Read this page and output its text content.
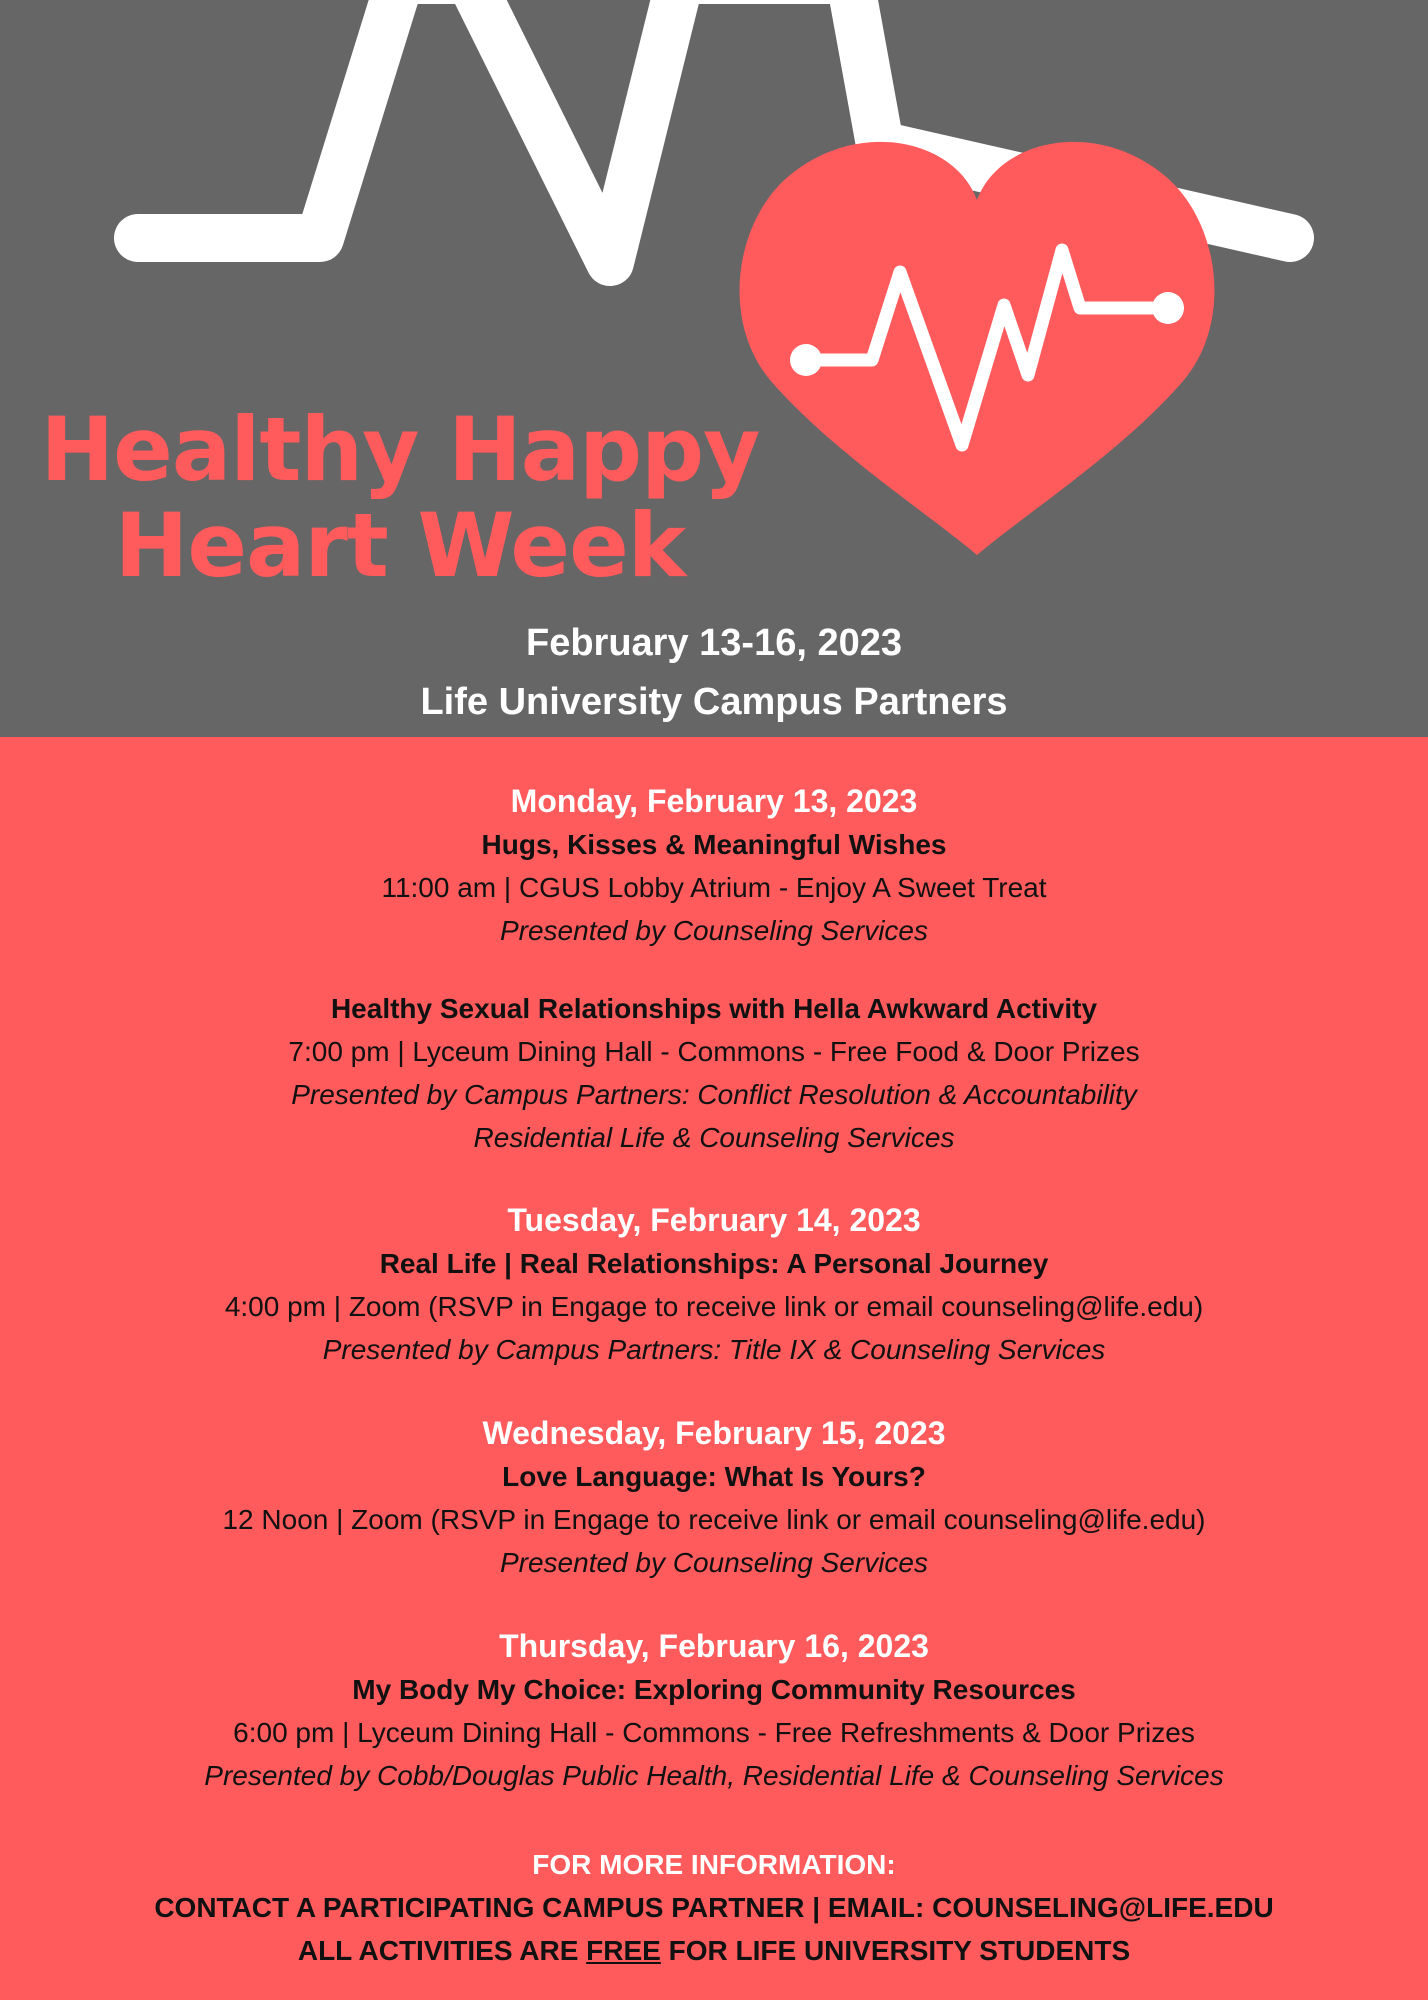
Healthy Happy
Heart Week
February 13-16, 2023
Life University Campus Partners
Monday, February 13, 2023
Hugs, Kisses & Meaningful Wishes
11:00 am | CGUS Lobby Atrium - Enjoy A Sweet Treat
Presented by Counseling Services
Healthy Sexual Relationships with Hella Awkward Activity
7:00 pm | Lyceum Dining Hall - Commons - Free Food & Door Prizes
Presented by Campus Partners: Conflict Resolution & Accountability
Residential Life & Counseling Services
Tuesday, February 14, 2023
Real Life | Real Relationships: A Personal Journey
4:00 pm | Zoom (RSVP in Engage to receive link or email counseling@life.edu)
Presented by Campus Partners: Title IX & Counseling Services
Wednesday, February 15, 2023
Love Language: What Is Yours?
12 Noon | Zoom (RSVP in Engage to receive link or email counseling@life.edu)
Presented by Counseling Services
Thursday, February 16, 2023
My Body My Choice: Exploring Community Resources
6:00 pm | Lyceum Dining Hall - Commons - Free Refreshments & Door Prizes
Presented by Cobb/Douglas Public Health, Residential Life & Counseling Services
FOR MORE INFORMATION:
CONTACT A PARTICIPATING CAMPUS PARTNER | EMAIL: COUNSELING@LIFE.EDU
ALL ACTIVITIES ARE FREE FOR LIFE UNIVERSITY STUDENTS
